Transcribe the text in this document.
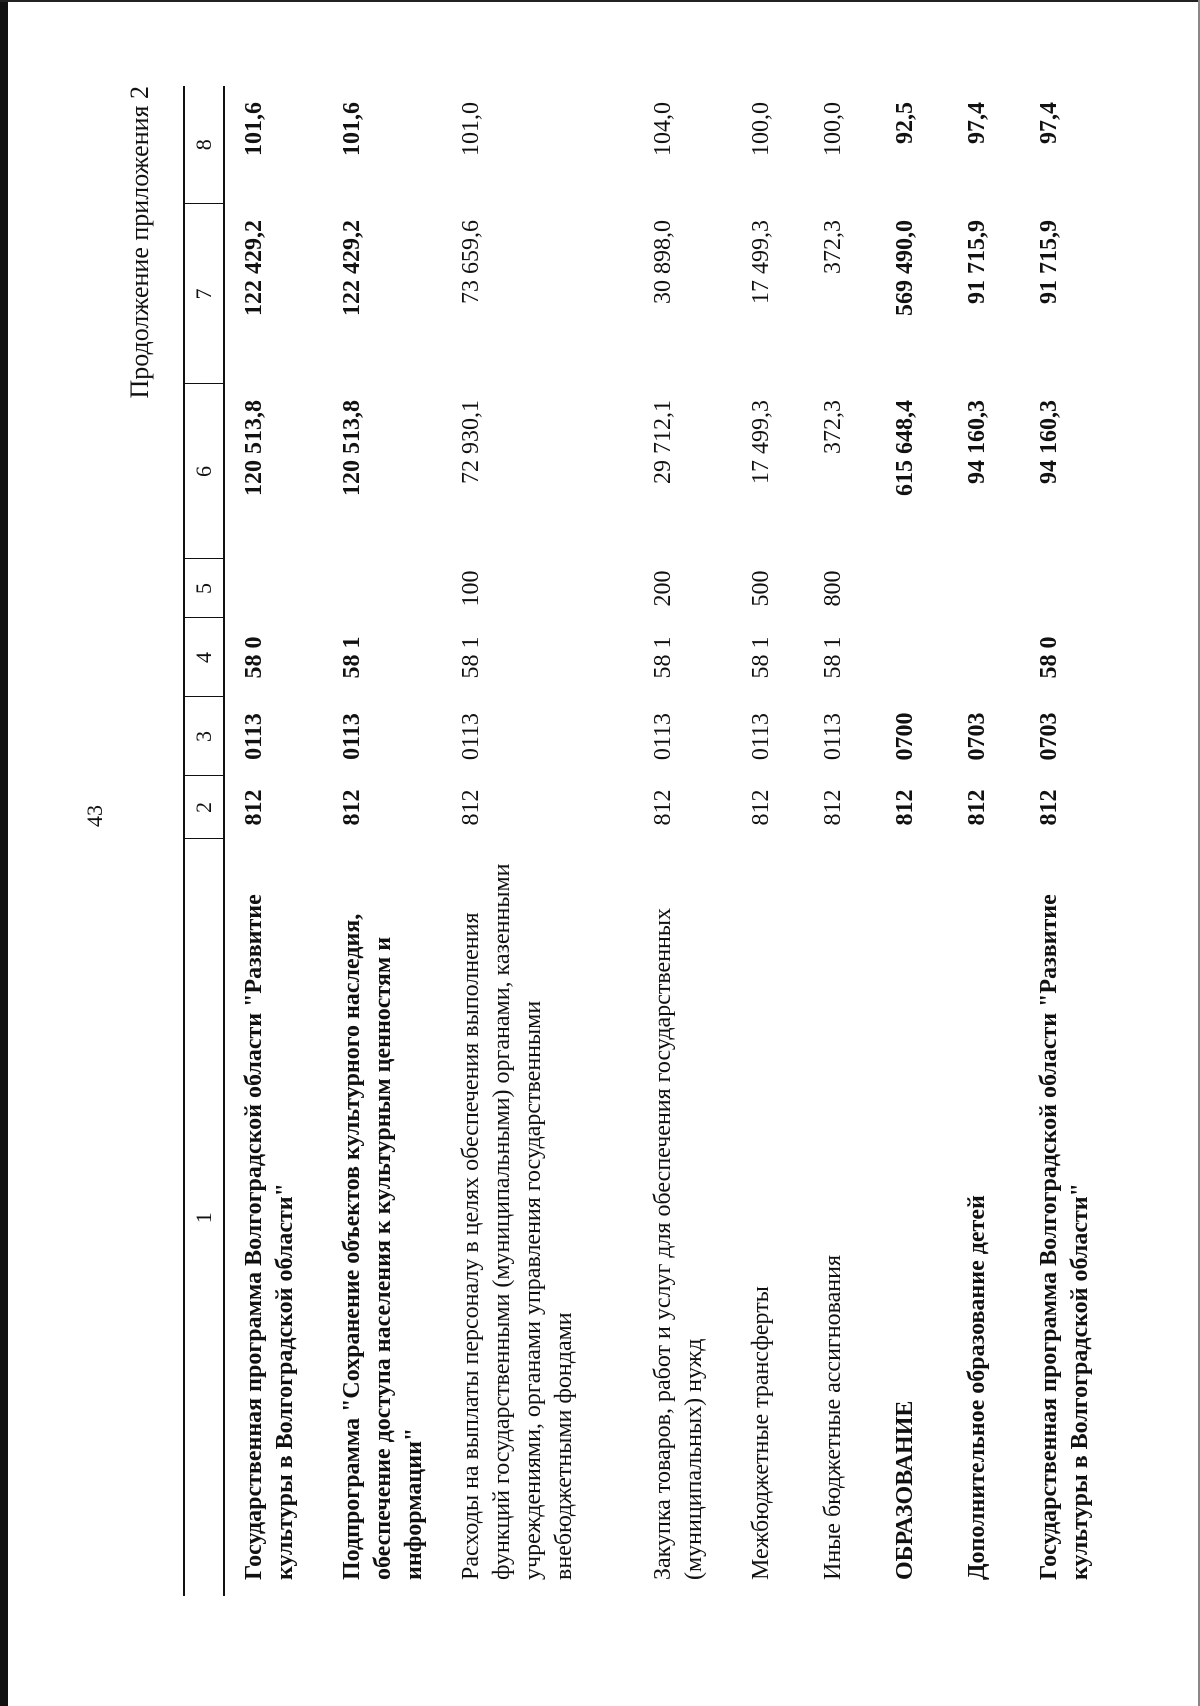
43
Продолжение приложения 2
1	2	3	4	5	6	7	8
Государственная программа Волгоградской области "Развитие культуры в Волгоградской области"	812	0113	58 0		120 513,8	122 429,2	101,6
Подпрограмма "Сохранение объектов культурного наследия, обеспечение доступа населения к культурным ценностям и информации"	812	0113	58 1		120 513,8	122 429,2	101,6
Расходы на выплаты персоналу в целях обеспечения выполнения функций государственными (муниципальными) органами, казенными учреждениями, органами управления государственными внебюджетными фондами	812	0113	58 1	100	72 930,1	73 659,6	101,0
Закупка товаров, работ и услуг для обеспечения государственных (муниципальных) нужд	812	0113	58 1	200	29 712,1	30 898,0	104,0
Межбюджетные трансферты	812	0113	58 1	500	17 499,3	17 499,3	100,0
Иные бюджетные ассигнования	812	0113	58 1	800	372,3	372,3	100,0
ОБРАЗОВАНИЕ	812	0700			615 648,4	569 490,0	92,5
Дополнительное образование детей	812	0703			94 160,3	91 715,9	97,4
Государственная программа Волгоградской области "Развитие культуры в Волгоградской области"	812	0703	58 0		94 160,3	91 715,9	97,4
